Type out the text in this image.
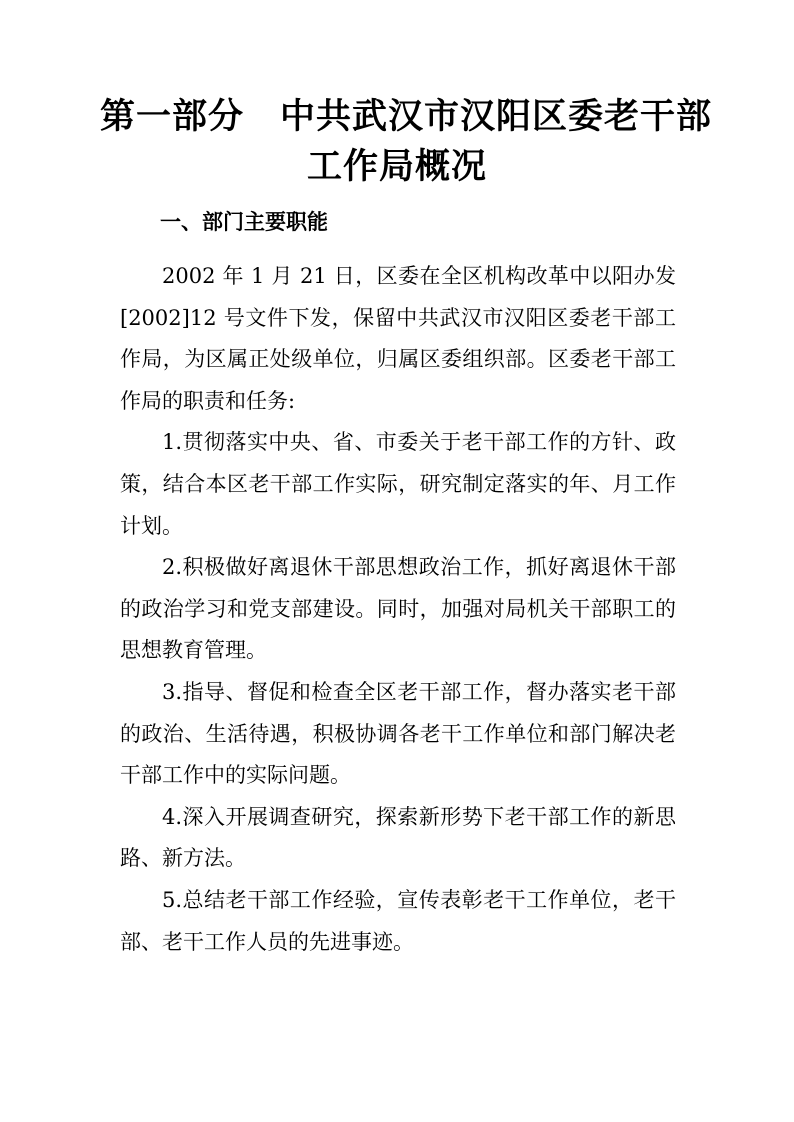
第一部分 中共武汉市汉阳区委老干部
工作局概况
一、部门主要职能

2002 年 1 月 21 日，区委在全区机构改革中以阳办发[2002]12 号文件下发，保留中共武汉市汉阳区委老干部工作局，为区属正处级单位，归属区委组织部。区委老干部工作局的职责和任务:

1.贯彻落实中央、省、市委关于老干部工作的方针、政策，结合本区老干部工作实际，研究制定落实的年、月工作计划。

2.积极做好离退休干部思想政治工作，抓好离退休干部的政治学习和党支部建设。同时，加强对局机关干部职工的思想教育管理。

3.指导、督促和检查全区老干部工作，督办落实老干部的政治、生活待遇，积极协调各老干工作单位和部门解决老干部工作中的实际问题。

4.深入开展调查研究，探索新形势下老干部工作的新思路、新方法。

5.总结老干部工作经验，宣传表彰老干工作单位，老干部、老干工作人员的先进事迹。
